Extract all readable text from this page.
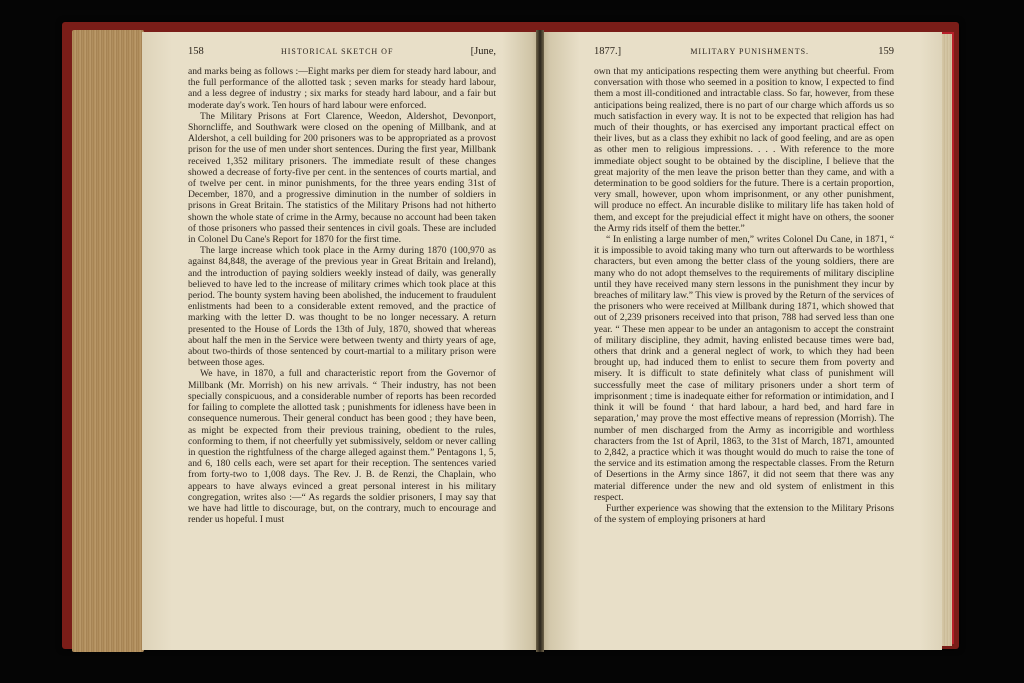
158	HISTORICAL SKETCH OF	[June,

and marks being as follows :—Eight marks per diem for steady hard labour, and the full performance of the allotted task ; seven marks for steady hard labour, and a less degree of industry ; six marks for steady hard labour, and a fair but moderate day's work. Ten hours of hard labour were enforced.

The Military Prisons at Fort Clarence, Weedon, Aldershot, Devonport, Shorncliffe, and Southwark were closed on the opening of Millbank, and at Aldershot, a cell building for 200 prisoners was to be appropriated as a provost prison for the use of men under short sentences. During the first year, Millbank received 1,352 military prisoners. The immediate result of these changes showed a decrease of forty-five per cent. in the sentences of courts martial, and of twelve per cent. in minor punishments, for the three years ending 31st of December, 1870, and a progressive diminution in the number of soldiers in prisons in Great Britain. The statistics of the Military Prisons had not hitherto shown the whole state of crime in the Army, because no account had been taken of those prisoners who passed their sentences in civil goals. These are included in Colonel Du Cane's Report for 1870 for the first time.

The large increase which took place in the Army during 1870 (100,970 as against 84,848, the average of the previous year in Great Britain and Ireland), and the introduction of paying soldiers weekly instead of daily, was generally believed to have led to the increase of military crimes which took place at this period. The bounty system having been abolished, the inducement to fraudulent enlistments had been to a considerable extent removed, and the practice of marking with the letter D. was thought to be no longer necessary. A return presented to the House of Lords the 13th of July, 1870, showed that whereas about half the men in the Service were between twenty and thirty years of age, about two-thirds of those sentenced by court-martial to a military prison were between those ages.

We have, in 1870, a full and characteristic report from the Governor of Millbank (Mr. Morrish) on his new arrivals. “ Their industry, has not been specially conspicuous, and a considerable number of reports has been recorded for failing to complete the allotted task ; punishments for idleness have been in consequence numerous. Their general conduct has been good ; they have been, as might be expected from their previous training, obedient to the rules, conforming to them, if not cheerfully yet submissively, seldom or never calling in question the rightfulness of the charge alleged against them.” Pentagons 1, 5, and 6, 180 cells each, were set apart for their reception. The sentences varied from forty-two to 1,008 days. The Rev. J. B. de Renzi, the Chaplain, who appears to have always evinced a great personal interest in his military congregation, writes also :—“ As regards the soldier prisoners, I may say that we have had little to discourage, but, on the contrary, much to encourage and render us hopeful. I must

1877.]	MILITARY PUNISHMENTS.	159

own that my anticipations respecting them were anything but cheerful. From conversation with those who seemed in a position to know, I expected to find them a most ill-conditioned and intractable class. So far, however, from these anticipations being realized, there is no part of our charge which affords us so much satisfaction in every way. It is not to be expected that religion has had much of their thoughts, or has exercised any important practical effect on their lives, but as a class they exhibit no lack of good feeling, and are as open as other men to religious impressions. . . . With reference to the more immediate object sought to be obtained by the discipline, I believe that the great majority of the men leave the prison better than they came, and with a determination to be good soldiers for the future. There is a certain proportion, very small, however, upon whom imprisonment, or any other punishment, will produce no effect. An incurable dislike to military life has taken hold of them, and except for the prejudicial effect it might have on others, the sooner the Army rids itself of them the better.”

“ In enlisting a large number of men,” writes Colonel Du Cane, in 1871, “ it is impossible to avoid taking many who turn out afterwards to be worthless characters, but even among the better class of the young soldiers, there are many who do not adopt themselves to the requirements of military discipline until they have received many stern lessons in the punishment they incur by breaches of military law.” This view is proved by the Return of the services of the prisoners who were received at Millbank during 1871, which showed that out of 2,239 prisoners received into that prison, 788 had served less than one year. “ These men appear to be under an antagonism to accept the constraint of military discipline, they admit, having enlisted because times were bad, others that drink and a general neglect of work, to which they had been brought up, had induced them to enlist to secure them from poverty and misery. It is difficult to state definitely what class of punishment will successfully meet the case of military prisoners under a short term of imprisonment ; time is inadequate either for reformation or intimidation, and I think it will be found ‘ that hard labour, a hard bed, and hard fare in separation,’ may prove the most effective means of repression (Morrish). The number of men discharged from the Army as incorrigible and worthless characters from the 1st of April, 1863, to the 31st of March, 1871, amounted to 2,842, a practice which it was thought would do much to raise the tone of the service and its estimation among the respectable classes. From the Return of Desertions in the Army since 1867, it did not seem that there was any material difference under the new and old system of enlistment in this respect.

Further experience was showing that the extension to the Military Prisons of the system of employing prisoners at hard
